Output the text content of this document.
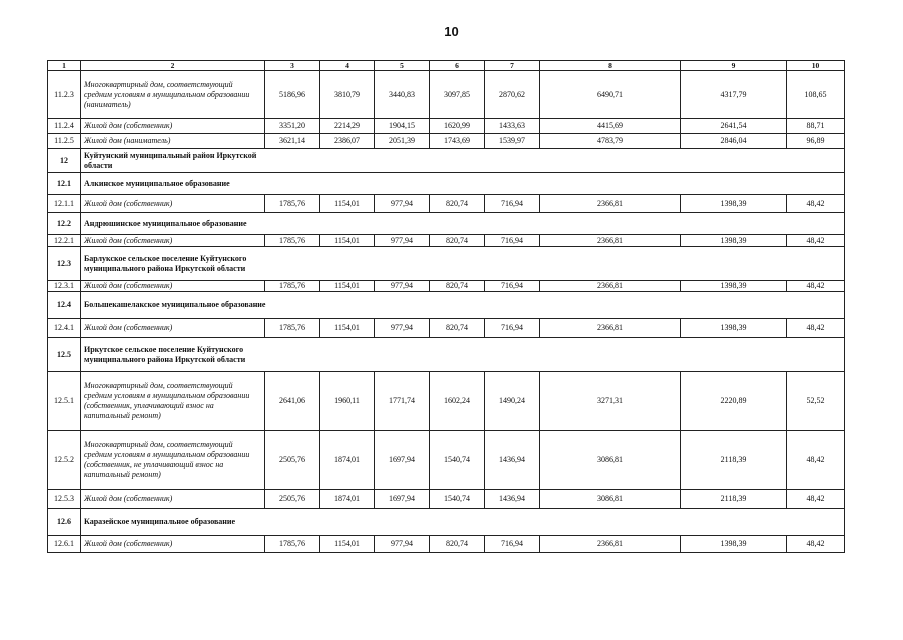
10
1	2	3	4	5	6	7	8	9	10
11.2.3	Многоквартирный дом, соответствующий средним условиям в муниципальном образовании (наниматель)	5186,96	3810,79	3440,83	3097,85	2870,62	6490,71	4317,79	108,65
11.2.4	Жилой дом (собственник)	3351,20	2214,29	1904,15	1620,99	1433,63	4415,69	2641,54	88,71
11.2.5	Жилой дом (наниматель)	3621,14	2386,07	2051,39	1743,69	1539,97	4783,79	2846,04	96,89
12	Куйтунский муниципальный район Иркутской области								

12.1	Алкинское муниципальное образование								

12.1.1	Жилой дом (собственник)	1785,76	1154,01	977,94	820,74	716,94	2366,81	1398,39	48,42
12.2	Андрюшинское муниципальное образование								

12.2.1	Жилой дом (собственник)	1785,76	1154,01	977,94	820,74	716,94	2366,81	1398,39	48,42
12.3	Барлукское сельское поселение Куйтунского муниципального района Иркутской области								

12.3.1	Жилой дом (собственник)	1785,76	1154,01	977,94	820,74	716,94	2366,81	1398,39	48,42
12.4	Большекашелакское муниципальное образование								

12.4.1	Жилой дом (собственник)	1785,76	1154,01	977,94	820,74	716,94	2366,81	1398,39	48,42
12.5	Иркутское сельское поселение Куйтунского муниципального района Иркутской области								

12.5.1	Многоквартирный дом, соответствующий средним условиям в муниципальном образовании (собственник, уплачивающий взнос на капитальный ремонт)	2641,06	1960,11	1771,74	1602,24	1490,24	3271,31	2220,89	52,52
12.5.2	Многоквартирный дом, соответствующий средним условиям в муниципальном образовании (собственник, не уплачивающий взнос на капитальный ремонт)	2505,76	1874,01	1697,94	1540,74	1436,94	3086,81	2118,39	48,42
12.5.3	Жилой дом (собственник)	2505,76	1874,01	1697,94	1540,74	1436,94	3086,81	2118,39	48,42
12.6	Каразейское муниципальное образование								

12.6.1	Жилой дом (собственник)	1785,76	1154,01	977,94	820,74	716,94	2366,81	1398,39	48,42
